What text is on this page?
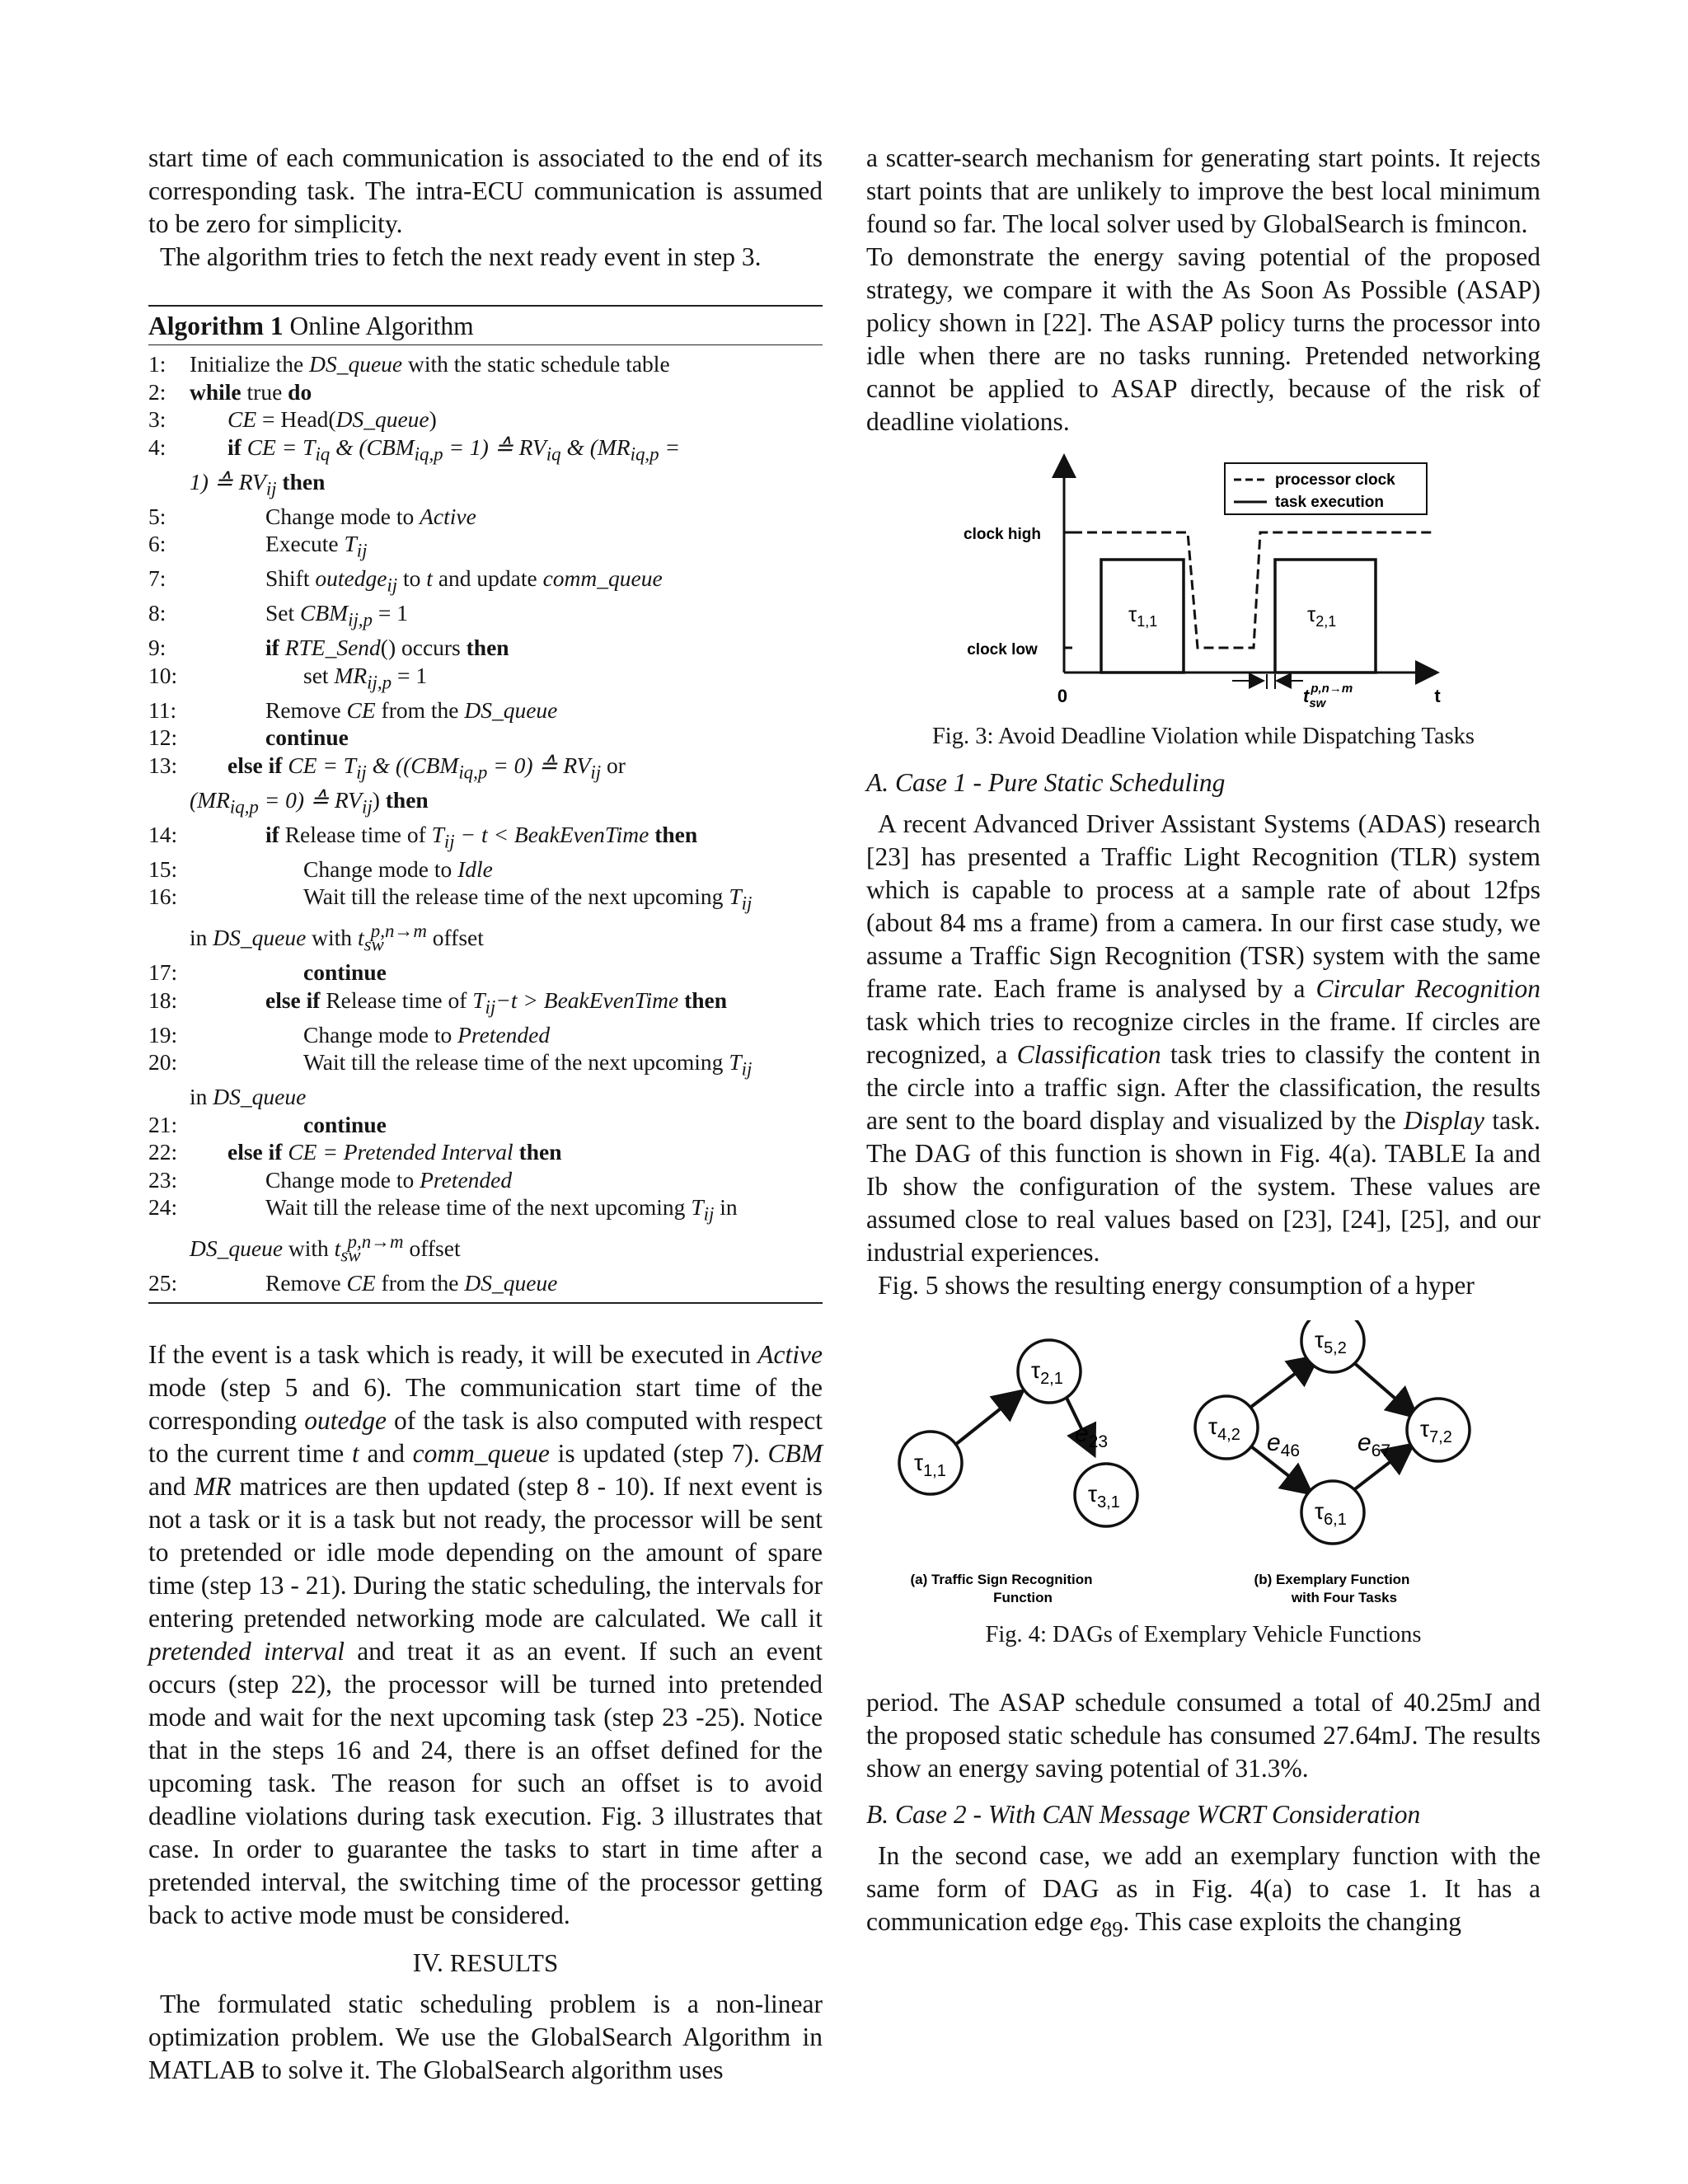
start time of each communication is associated to the end of its corresponding task. The intra-ECU communication is assumed to be zero for simplicity.

The algorithm tries to fetch the next ready event in step 3.

Algorithm 1 Online Algorithm
1:	Initialize the DS_queue with the static schedule table
2:	while true do
3:	CE = Head(DS_queue)
4:	if CE = $T_{iq}$ & $(CBM_{iq,p} = 1)$ ≙ $RV_{iq}$ & ($MR_{iq,p}$ =
1) ≙ $RV_{ij}$ then
5:	Change mode to Active
6:	Execute $T_{ij}$
7:	Shift outedge$_{ij}$ to t and update comm_queue
8:	Set $CBM_{ij,p} = 1$
9:	if RTE_Send() occurs then
10:	set $MR_{ij,p} = 1$
11:	Remove CE from the DS_queue
12:	continue
13:	else if CE = $T_{ij}$ & ($(CBM_{iq,p} = 0)$ ≙ $RV_{ij}$ or
$(MR_{iq,p} = 0)$ ≙ $RV_{ij}$) then
14:	if Release time of $T_{ij} - t$ < BeakEvenTime then
15:	Change mode to Idle
16:	Wait till the release time of the next upcoming $T_{ij}$
in DS_queue with $t_{sw}^{p,n\to m}$ offset
17:	continue
18:	else if Release time of $T_{ij}-t$ > BeakEvenTime then
19:	Change mode to Pretended
20:	Wait till the release time of the next upcoming $T_{ij}$
in DS_queue
21:	continue
22:	else if CE = Pretended Interval then
23:	Change mode to Pretended
24:	Wait till the release time of the next upcoming $T_{ij}$ in
DS_queue with $t_{sw}^{p,n\to m}$ offset
25:	Remove CE from the DS_queue

If the event is a task which is ready, it will be executed in Active mode (step 5 and 6). The communication start time of the corresponding outedge of the task is also computed with respect to the current time t and comm_queue is updated (step 7). CBM and MR matrices are then updated (step 8 - 10). If next event is not a task or it is a task but not ready, the processor will be sent to pretended or idle mode depending on the amount of spare time (step 13 - 21). During the static scheduling, the intervals for entering pretended networking mode are calculated. We call it pretended interval and treat it as an event. If such an event occurs (step 22), the processor will be turned into pretended mode and wait for the next upcoming task (step 23 -25). Notice that in the steps 16 and 24, there is an offset defined for the upcoming task. The reason for such an offset is to avoid deadline violations during task execution. Fig. 3 illustrates that case. In order to guarantee the tasks to start in time after a pretended interval, the switching time of the processor getting back to active mode must be considered.

IV. RESULTS

The formulated static scheduling problem is a non-linear optimization problem. We use the GlobalSearch Algorithm in MATLAB to solve it. The GlobalSearch algorithm uses

a scatter-search mechanism for generating start points. It rejects start points that are unlikely to improve the best local minimum found so far. The local solver used by GlobalSearch is fmincon.

To demonstrate the energy saving potential of the proposed strategy, we compare it with the As Soon As Possible (ASAP) policy shown in [22]. The ASAP policy turns the processor into idle when there are no tasks running. Pretended networking cannot be applied to ASAP directly, because of the risk of deadline violations.

clock high
clock low
0	t
$\tau_{1,1}$	$\tau_{2,1}$
processor clock
task execution
$t_{sw}p,n\to m$
Fig. 3: Avoid Deadline Violation while Dispatching Tasks
A. Case 1 - Pure Static Scheduling

A recent Advanced Driver Assistant Systems (ADAS) research [23] has presented a Traffic Light Recognition (TLR) system which is capable to process at a sample rate of about 12fps (about 84 ms a frame) from a camera. In our first case study, we assume a Traffic Sign Recognition (TSR) system with the same frame rate. Each frame is analysed by a Circular Recognition task which tries to recognize circles in the frame. If circles are recognized, a Classification task tries to classify the content in the circle into a traffic sign. After the classification, the results are sent to the board display and visualized by the Display task. The DAG of this function is shown in Fig. 4(a). TABLE Ia and Ib show the configuration of the system. These values are assumed close to real values based on [23], [24], [25], and our industrial experiences.

Fig. 5 shows the resulting energy consumption of a hyper

$\tau_{1,1}$
$\tau_{2,1}$
$\tau_{3,1}$
$\tau_{4,2}$
$\tau_{5,2}$
$\tau_{7,2}$
$\tau_{6,1}$
$e_{23}$	$e_{46}$ $e_{67}$
(a) Traffic Sign Recognition
Function
(b) Exemplary Function
with Four Tasks
Fig. 4: DAGs of Exemplary Vehicle Functions

period. The ASAP schedule consumed a total of 40.25mJ and the proposed static schedule has consumed 27.64mJ. The results show an energy saving potential of 31.3%.

B. Case 2 - With CAN Message WCRT Consideration

In the second case, we add an exemplary function with the same form of DAG as in Fig. 4(a) to case 1. It has a communication edge $e_{89}$. This case exploits the changing
